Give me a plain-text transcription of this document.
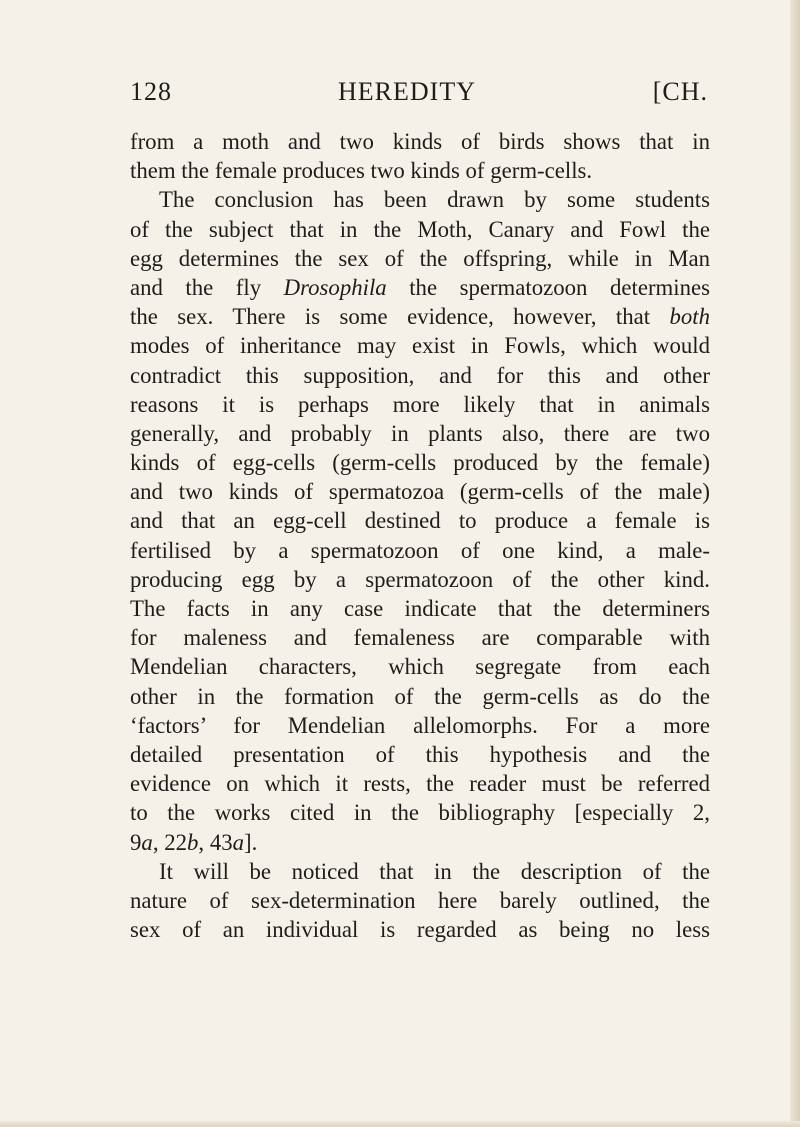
128	HEREDITY	[CH.
from a moth and two kinds of birds shows that in
them the female produces two kinds of germ-cells.
The conclusion has been drawn by some students
of the subject that in the Moth, Canary and Fowl the
egg determines the sex of the offspring, while in Man
and the fly Drosophila the spermatozoon determines
the sex. There is some evidence, however, that both
modes of inheritance may exist in Fowls, which would
contradict this supposition, and for this and other
reasons it is perhaps more likely that in animals
generally, and probably in plants also, there are two
kinds of egg-cells (germ-cells produced by the female)
and two kinds of spermatozoa (germ-cells of the male)
and that an egg-cell destined to produce a female is
fertilised by a spermatozoon of one kind, a male-
producing egg by a spermatozoon of the other kind.
The facts in any case indicate that the determiners
for maleness and femaleness are comparable with
Mendelian characters, which segregate from each
other in the formation of the germ-cells as do the
‘factors’ for Mendelian allelomorphs. For a more
detailed presentation of this hypothesis and the
evidence on which it rests, the reader must be referred
to the works cited in the bibliography [especially 2,
9a, 22b, 43a].
It will be noticed that in the description of the
nature of sex-determination here barely outlined, the
sex of an individual is regarded as being no less
